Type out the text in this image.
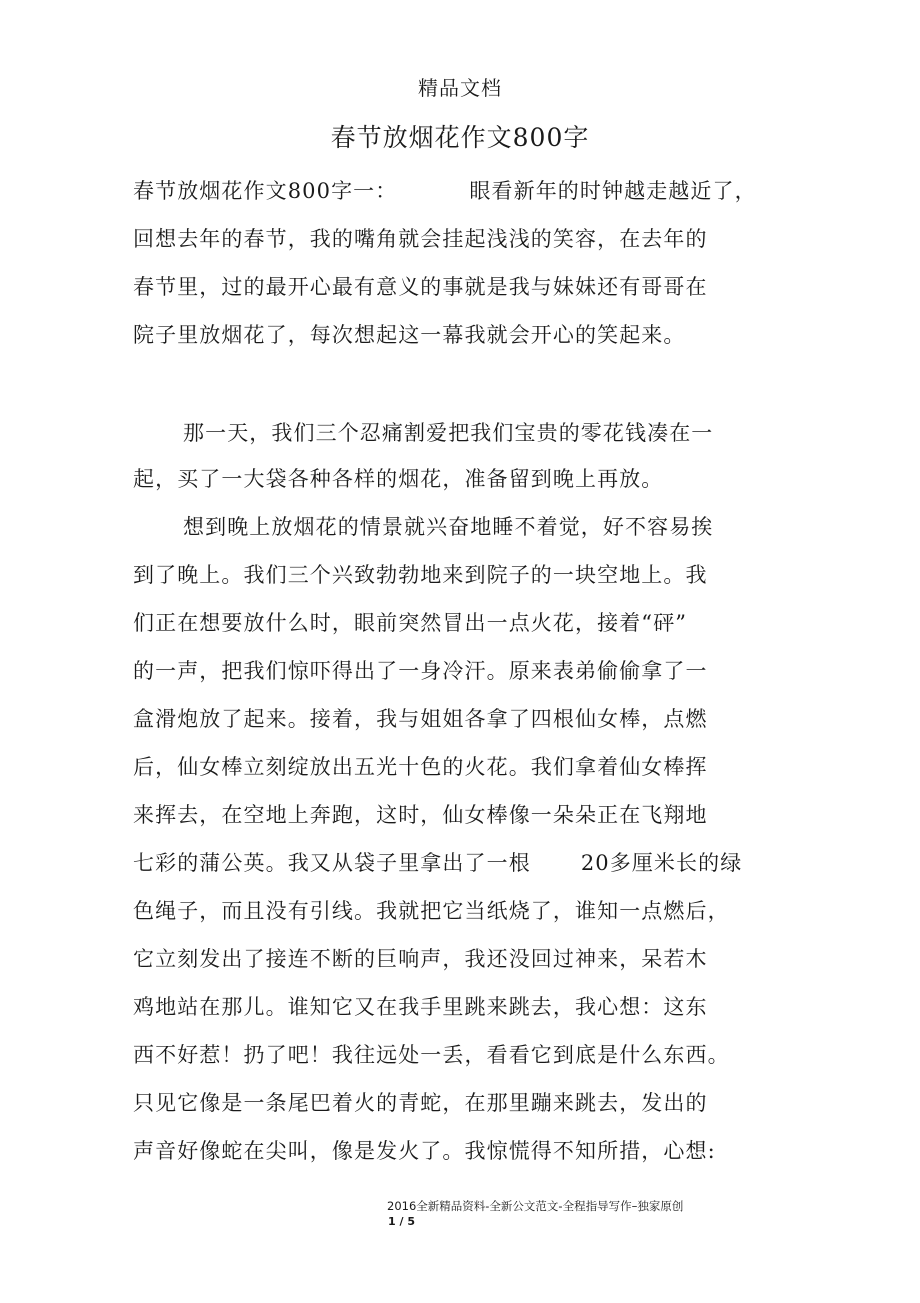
精品文档
春节放烟花作文800字
春节放烟花作文800字一：	眼看新年的时钟越走越近了，
回想去年的春节，我的嘴角就会挂起浅浅的笑容，在去年的
春节里，过的最开心最有意义的事就是我与妹妹还有哥哥在
院子里放烟花了，每次想起这一幕我就会开心的笑起来。
那一天，我们三个忍痛割爱把我们宝贵的零花钱凑在一
起，买了一大袋各种各样的烟花，准备留到晚上再放。
想到晚上放烟花的情景就兴奋地睡不着觉，好不容易挨
到了晚上。我们三个兴致勃勃地来到院子的一块空地上。我
们正在想要放什么时，眼前突然冒出一点火花，接着“砰”
的一声，把我们惊吓得出了一身冷汗。原来表弟偷偷拿了一
盒滑炮放了起来。接着，我与姐姐各拿了四根仙女棒，点燃
后，仙女棒立刻绽放出五光十色的火花。我们拿着仙女棒挥
来挥去，在空地上奔跑，这时，仙女棒像一朵朵正在飞翔地
七彩的蒲公英。我又从袋子里拿出了一根 20多厘米长的绿
色绳子，而且没有引线。我就把它当纸烧了，谁知一点燃后，
它立刻发出了接连不断的巨响声，我还没回过神来，呆若木
鸡地站在那儿。谁知它又在我手里跳来跳去，我心想：这东
西不好惹！扔了吧！我往远处一丢，看看它到底是什么东西。
只见它像是一条尾巴着火的青蛇，在那里蹦来跳去，发出的
声音好像蛇在尖叫，像是发火了。我惊慌得不知所措，心想:
2016全新精品资料-全新公文范文-全程指导写作–独家原创
1 / 5
